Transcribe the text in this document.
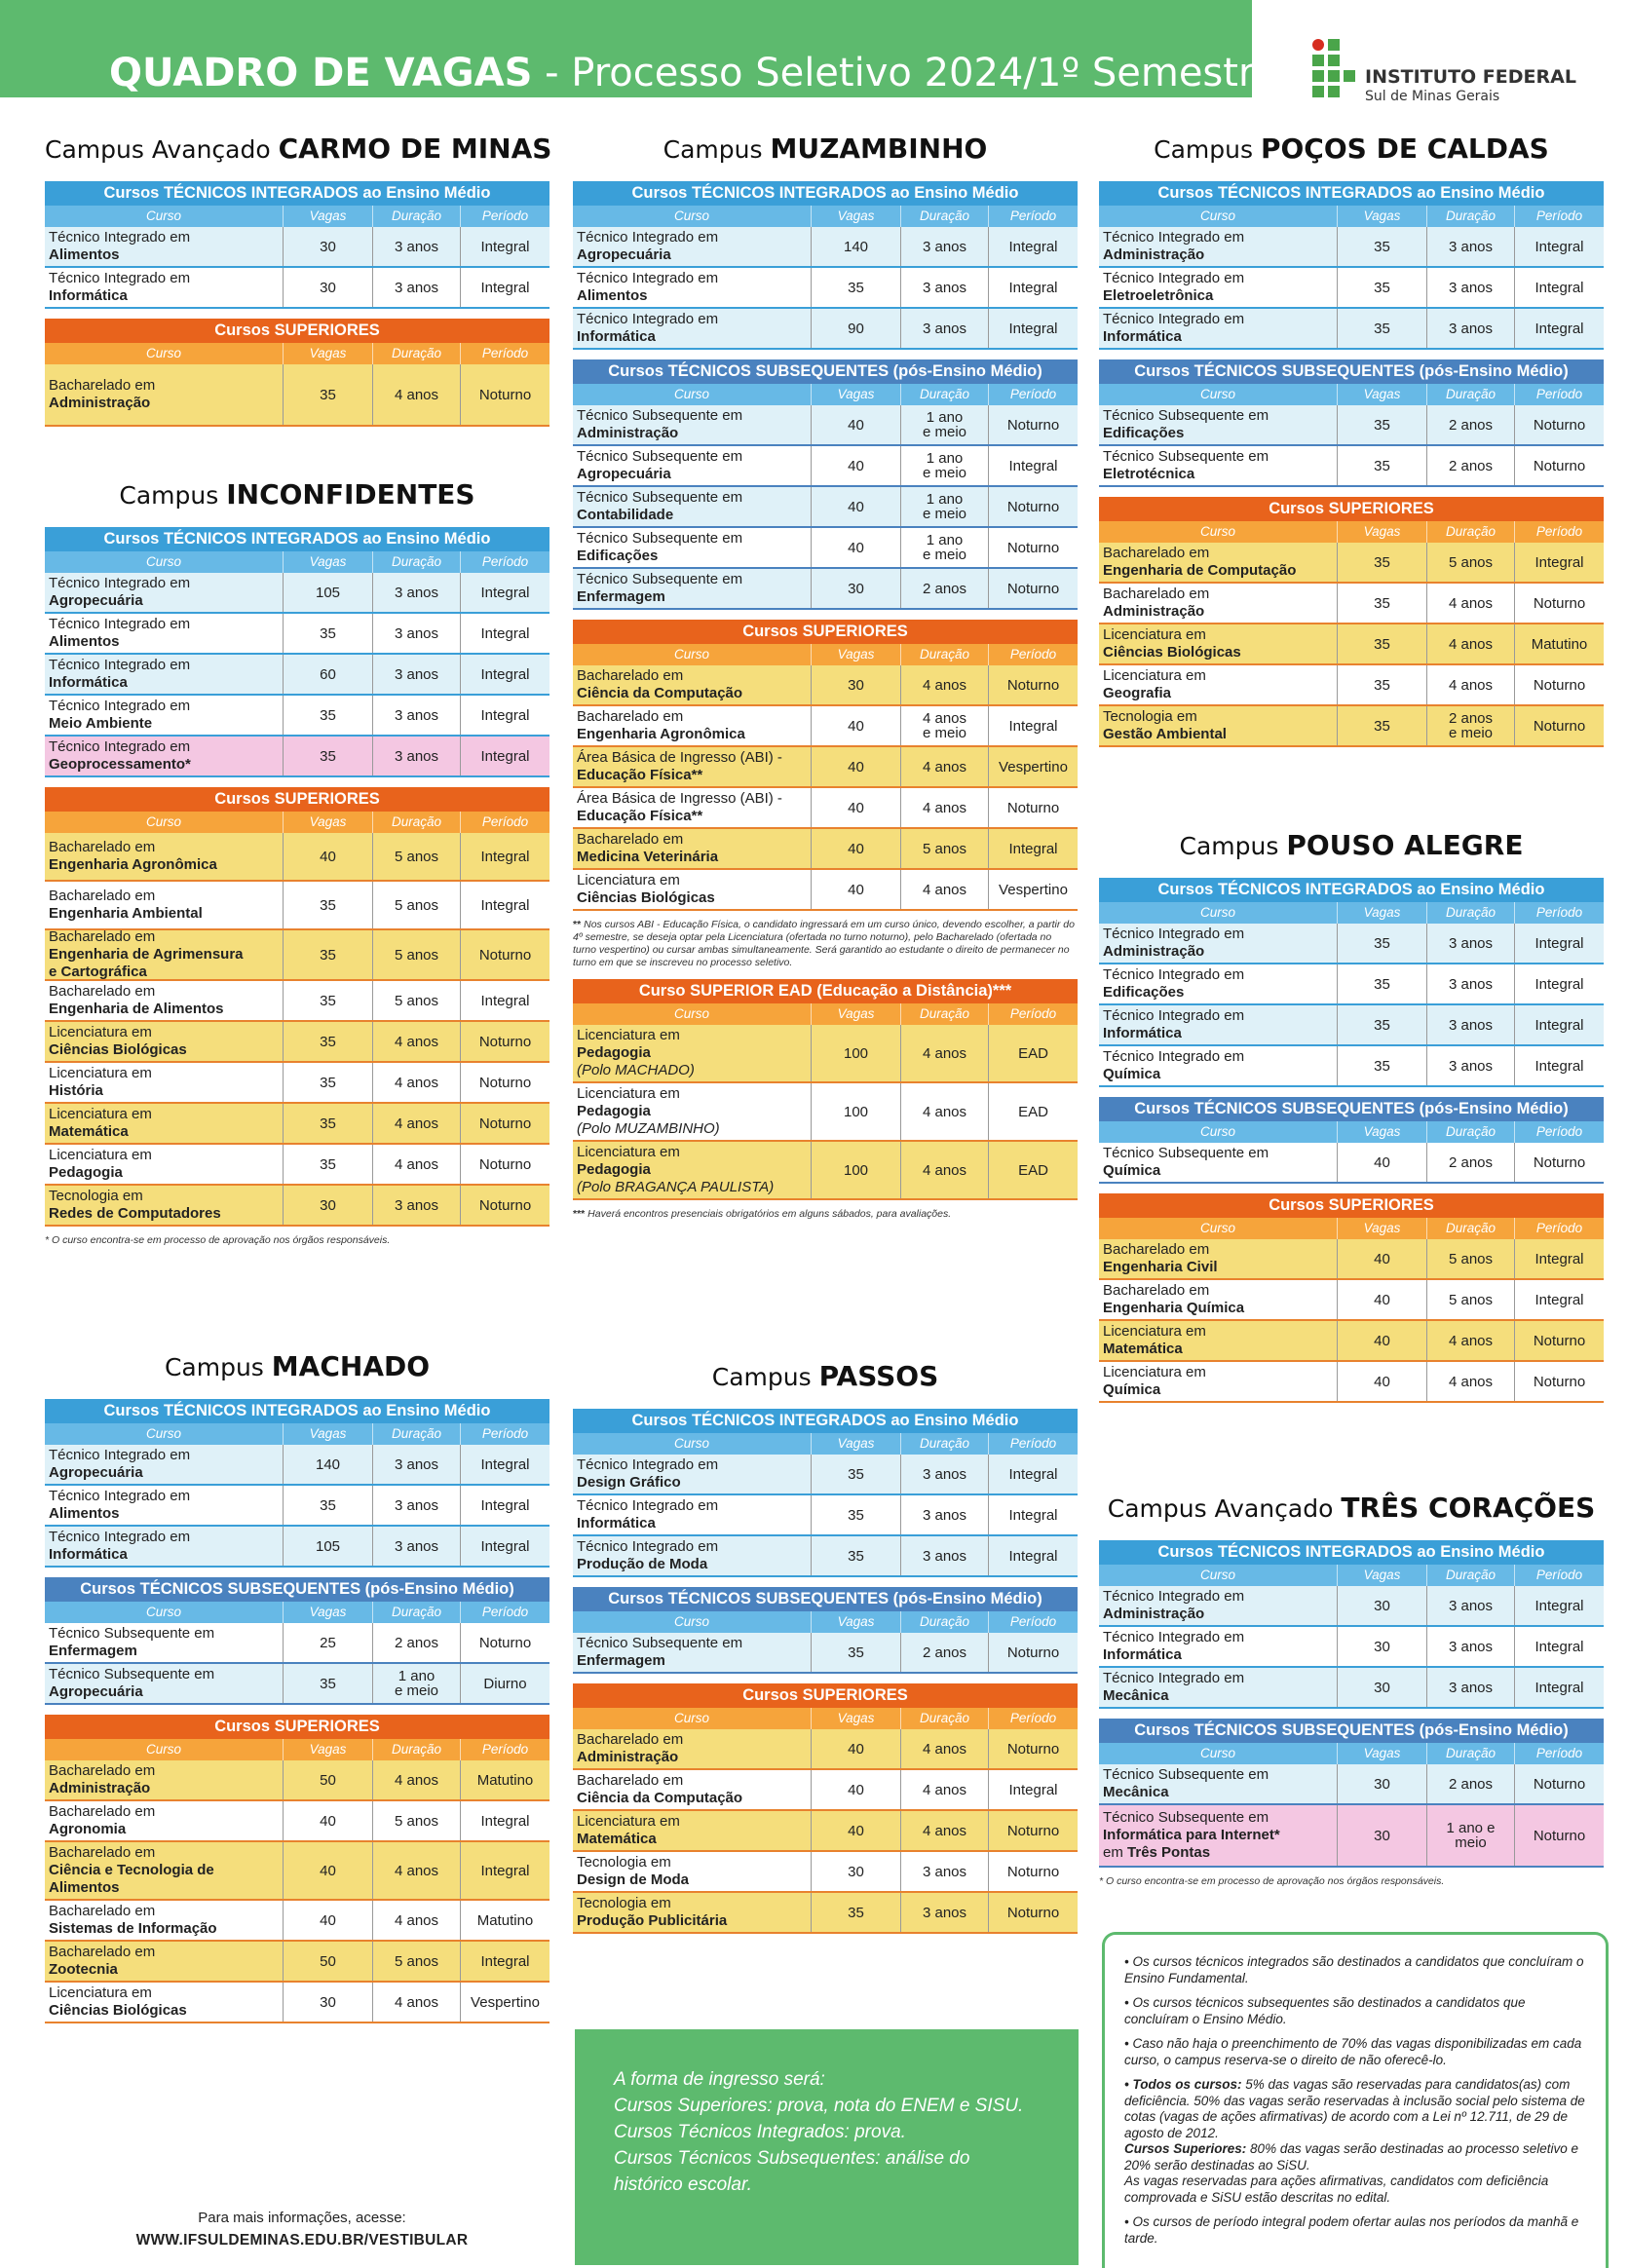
QUADRO DE VAGAS - Processo Seletivo 2024/1º Semestre	INSTITUTO FEDERAL
Sul de Minas Gerais
Campus Avançado CARMO DE MINAS
Cursos TÉCNICOS INTEGRADOS ao Ensino Médio
Curso	Vagas	Duração	Período
Técnico Integrado em
Alimentos	30	3 anos	Integral
Técnico Integrado em
Informática	30	3 anos	Integral
Cursos SUPERIORES
Curso	Vagas	Duração	Período
Bacharelado em
Administração	35	4 anos	Noturno
Campus INCONFIDENTES
Cursos TÉCNICOS INTEGRADOS ao Ensino Médio
Curso	Vagas	Duração	Período
Técnico Integrado em
Agropecuária	105	3 anos	Integral
Técnico Integrado em
Alimentos	35	3 anos	Integral
Técnico Integrado em
Informática	60	3 anos	Integral
Técnico Integrado em
Meio Ambiente	35	3 anos	Integral
Técnico Integrado em
Geoprocessamento*	35	3 anos	Integral
Cursos SUPERIORES
Curso	Vagas	Duração	Período
Bacharelado em
Engenharia Agronômica	40	5 anos	Integral
Bacharelado em
Engenharia Ambiental	35	5 anos	Integral
Bacharelado em
Engenharia de Agrimensura
e Cartográfica
35	5 anos	Noturno
Bacharelado em
Engenharia de Alimentos	35	5 anos	Integral
Licenciatura em
Ciências Biológicas	35	4 anos	Noturno
Licenciatura em
História	35	4 anos	Noturno
Licenciatura em
Matemática	35	4 anos	Noturno
Licenciatura em
Pedagogia	35	4 anos	Noturno
Tecnologia em
Redes de Computadores	30	3 anos	Noturno
* O curso encontra-se em processo de aprovação nos órgãos responsáveis.
Campus MACHADO
Cursos TÉCNICOS INTEGRADOS ao Ensino Médio
Curso	Vagas	Duração	Período
Técnico Integrado em
Agropecuária	140	3 anos	Integral
Técnico Integrado em
Alimentos	35	3 anos	Integral
Técnico Integrado em
Informática	105	3 anos	Integral
Cursos TÉCNICOS SUBSEQUENTES (pós-Ensino Médio)
Curso	Vagas	Duração	Período
Técnico Subsequente em
Enfermagem	25	2 anos	Noturno
Técnico Subsequente em
Agropecuária	35	1 ano
e meio	Diurno
Cursos SUPERIORES
Curso	Vagas	Duração	Período
Bacharelado em
Administração	50	4 anos	Matutino
Bacharelado em
Agronomia	40	5 anos	Integral
Bacharelado em
Ciência e Tecnologia de
Alimentos
40	4 anos	Integral
Bacharelado em
Sistemas de Informação	40	4 anos	Matutino
Bacharelado em
Zootecnia	50	5 anos	Integral
Licenciatura em
Ciências Biológicas	30	4 anos	Vespertino
Campus MUZAMBINHO
Cursos TÉCNICOS INTEGRADOS ao Ensino Médio
Curso	Vagas	Duração	Período
Técnico Integrado em
Agropecuária	140	3 anos	Integral
Técnico Integrado em
Alimentos	35	3 anos	Integral
Técnico Integrado em
Informática	90	3 anos	Integral
Cursos TÉCNICOS SUBSEQUENTES (pós-Ensino Médio)
Curso	Vagas	Duração	Período
Técnico Subsequente em
Administração	40	1 ano
e meio	Noturno
Técnico Subsequente em
Agropecuária	40	1 ano
e meio	Integral
Técnico Subsequente em
Contabilidade	40	1 ano
e meio	Noturno
Técnico Subsequente em
Edificações	40	1 ano
e meio	Noturno
Técnico Subsequente em
Enfermagem	30	2 anos	Noturno
Cursos SUPERIORES
Curso	Vagas	Duração	Período
Bacharelado em
Ciência da Computação	30	4 anos	Noturno
Bacharelado em
Engenharia Agronômica	40	4 anos
e meio	Integral
Área Básica de Ingresso (ABI) -
Educação Física**	40	4 anos	Vespertino
Área Básica de Ingresso (ABI) -
Educação Física**	40	4 anos	Noturno
Bacharelado em
Medicina Veterinária	40	5 anos	Integral
Licenciatura em
Ciências Biológicas	40	4 anos	Vespertino
** Nos cursos ABI - Educação Física, o candidato ingressará em um curso único, devendo escolher, a partir do 4º semestre, se deseja optar pela Licenciatura (ofertada no turno noturno), pelo Bacharelado (ofertada no turno vespertino) ou cursar ambas simultaneamente. Será garantido ao estudante o direito de permanecer no turno em que se inscreveu no processo seletivo.
Curso SUPERIOR EAD (Educação a Distância)***
Curso	Vagas	Duração	Período
Licenciatura em
Pedagogia
(Polo MACHADO)
100	4 anos	EAD
Licenciatura em
Pedagogia
(Polo MUZAMBINHO)
100	4 anos	EAD
Licenciatura em
Pedagogia
(Polo BRAGANÇA PAULISTA)
100	4 anos	EAD
*** Haverá encontros presenciais obrigatórios em alguns sábados, para avaliações.
Campus PASSOS
Cursos TÉCNICOS INTEGRADOS ao Ensino Médio
Curso	Vagas	Duração	Período
Técnico Integrado em
Design Gráfico	35	3 anos	Integral
Técnico Integrado em
Informática	35	3 anos	Integral
Técnico Integrado em
Produção de Moda	35	3 anos	Integral
Cursos TÉCNICOS SUBSEQUENTES (pós-Ensino Médio)
Curso	Vagas	Duração	Período
Técnico Subsequente em
Enfermagem	35	2 anos	Noturno
Cursos SUPERIORES
Curso	Vagas	Duração	Período
Bacharelado em
Administração	40	4 anos	Noturno
Bacharelado em
Ciência da Computação	40	4 anos	Integral
Licenciatura em
Matemática	40	4 anos	Noturno
Tecnologia em
Design de Moda	30	3 anos	Noturno
Tecnologia em
Produção Publicitária	35	3 anos	Noturno
Campus POÇOS DE CALDAS
Cursos TÉCNICOS INTEGRADOS ao Ensino Médio
Curso	Vagas	Duração	Período
Técnico Integrado em
Administração	35	3 anos	Integral
Técnico Integrado em
Eletroeletrônica	35	3 anos	Integral
Técnico Integrado em
Informática	35	3 anos	Integral
Cursos TÉCNICOS SUBSEQUENTES (pós-Ensino Médio)
Curso	Vagas	Duração	Período
Técnico Subsequente em
Edificações	35	2 anos	Noturno
Técnico Subsequente em
Eletrotécnica	35	2 anos	Noturno
Cursos SUPERIORES
Curso	Vagas	Duração	Período
Bacharelado em
Engenharia de Computação	35	5 anos	Integral
Bacharelado em
Administração	35	4 anos	Noturno
Licenciatura em
Ciências Biológicas	35	4 anos	Matutino
Licenciatura em
Geografia	35	4 anos	Noturno
Tecnologia em
Gestão Ambiental	35	2 anos
e meio	Noturno
Campus POUSO ALEGRE
Cursos TÉCNICOS INTEGRADOS ao Ensino Médio
Curso	Vagas	Duração	Período
Técnico Integrado em
Administração	35	3 anos	Integral
Técnico Integrado em
Edificações	35	3 anos	Integral
Técnico Integrado em
Informática	35	3 anos	Integral
Técnico Integrado em
Química	35	3 anos	Integral
Cursos TÉCNICOS SUBSEQUENTES (pós-Ensino Médio)
Curso	Vagas	Duração	Período
Técnico Subsequente em
Química	40	2 anos	Noturno
Cursos SUPERIORES
Curso	Vagas	Duração	Período
Bacharelado em
Engenharia Civil	40	5 anos	Integral
Bacharelado em
Engenharia Química	40	5 anos	Integral
Licenciatura em
Matemática	40	4 anos	Noturno
Licenciatura em
Química	40	4 anos	Noturno
Campus Avançado TRÊS CORAÇÕES
Cursos TÉCNICOS INTEGRADOS ao Ensino Médio
Curso	Vagas	Duração	Período
Técnico Integrado em
Administração	30	3 anos	Integral
Técnico Integrado em
Informática	30	3 anos	Integral
Técnico Integrado em
Mecânica	30	3 anos	Integral
Cursos TÉCNICOS SUBSEQUENTES (pós-Ensino Médio)
Curso	Vagas	Duração	Período
Técnico Subsequente em
Mecânica	30	2 anos	Noturno
Técnico Subsequente em
Informática para Internet*
em Três Pontas
30	1 ano e
meio	Noturno
* O curso encontra-se em processo de aprovação nos órgãos responsáveis.
A forma de ingresso será:
Cursos Superiores: prova, nota do ENEM e SISU.
Cursos Técnicos Integrados: prova.
Cursos Técnicos Subsequentes: análise do
histórico escolar.

• Os cursos técnicos integrados são destinados a candidatos que concluíram o Ensino Fundamental.

• Os cursos técnicos subsequentes são destinados a candidatos que concluíram o Ensino Médio.

• Caso não haja o preenchimento de 70% das vagas disponibilizadas em cada curso, o campus reserva-se o direito de não oferecê-lo.

• Todos os cursos: 5% das vagas são reservadas para candidatos(as) com deficiência. 50% das vagas serão reservadas à inclusão social pelo sistema de cotas (vagas de ações afirmativas) de acordo com a Lei nº 12.711, de 29 de agosto de 2012.

Cursos Superiores: 80% das vagas serão destinadas ao processo seletivo e 20% serão destinadas ao SiSU.

As vagas reservadas para ações afirmativas, candidatos com deficiência comprovada e SiSU estão descritas no edital.

• Os cursos de período integral podem ofertar aulas nos períodos da manhã e tarde.

Para mais informações, acesse:
WWW.IFSULDEMINAS.EDU.BR/VESTIBULAR
